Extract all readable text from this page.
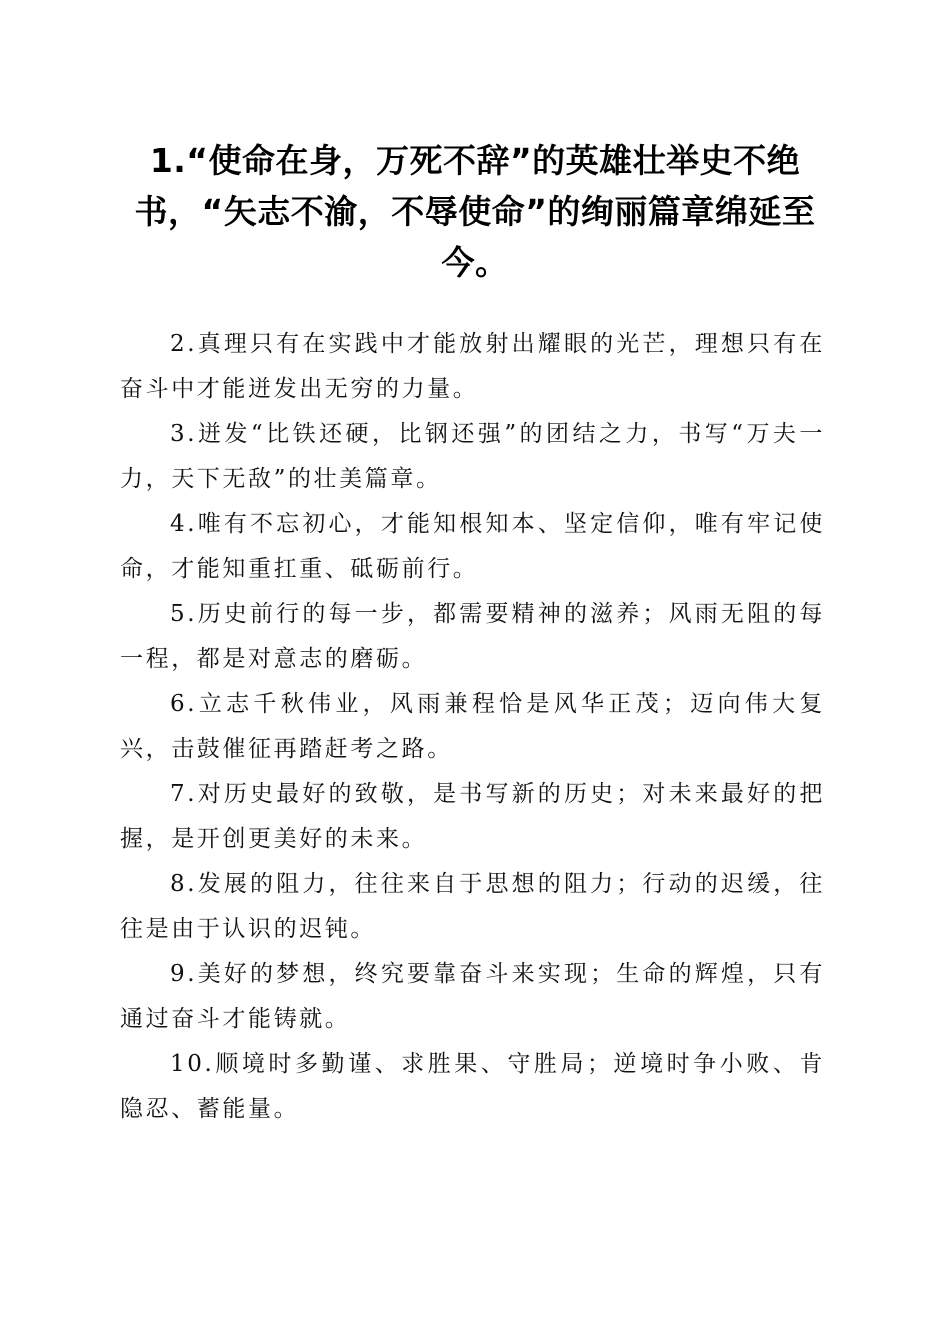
1.“使命在身，万死不辞”的英雄壮举史不绝书，“矢志不渝，不辱使命”的绚丽篇章绵延至今。

2.真理只有在实践中才能放射出耀眼的光芒，理想只有在奋斗中才能迸发出无穷的力量。

3.迸发“比铁还硬，比钢还强”的团结之力，书写“万夫一力，天下无敌”的壮美篇章。

4.唯有不忘初心，才能知根知本、坚定信仰，唯有牢记使命，才能知重扛重、砥砺前行。

5.历史前行的每一步，都需要精神的滋养；风雨无阻的每一程，都是对意志的磨砺。

6.立志千秋伟业，风雨兼程恰是风华正茂；迈向伟大复兴，击鼓催征再踏赶考之路。

7.对历史最好的致敬，是书写新的历史；对未来最好的把握，是开创更美好的未来。

8.发展的阻力，往往来自于思想的阻力；行动的迟缓，往往是由于认识的迟钝。

9.美好的梦想，终究要靠奋斗来实现；生命的辉煌，只有通过奋斗才能铸就。

10.顺境时多勤谨、求胜果、守胜局；逆境时争小败、肯隐忍、蓄能量。
